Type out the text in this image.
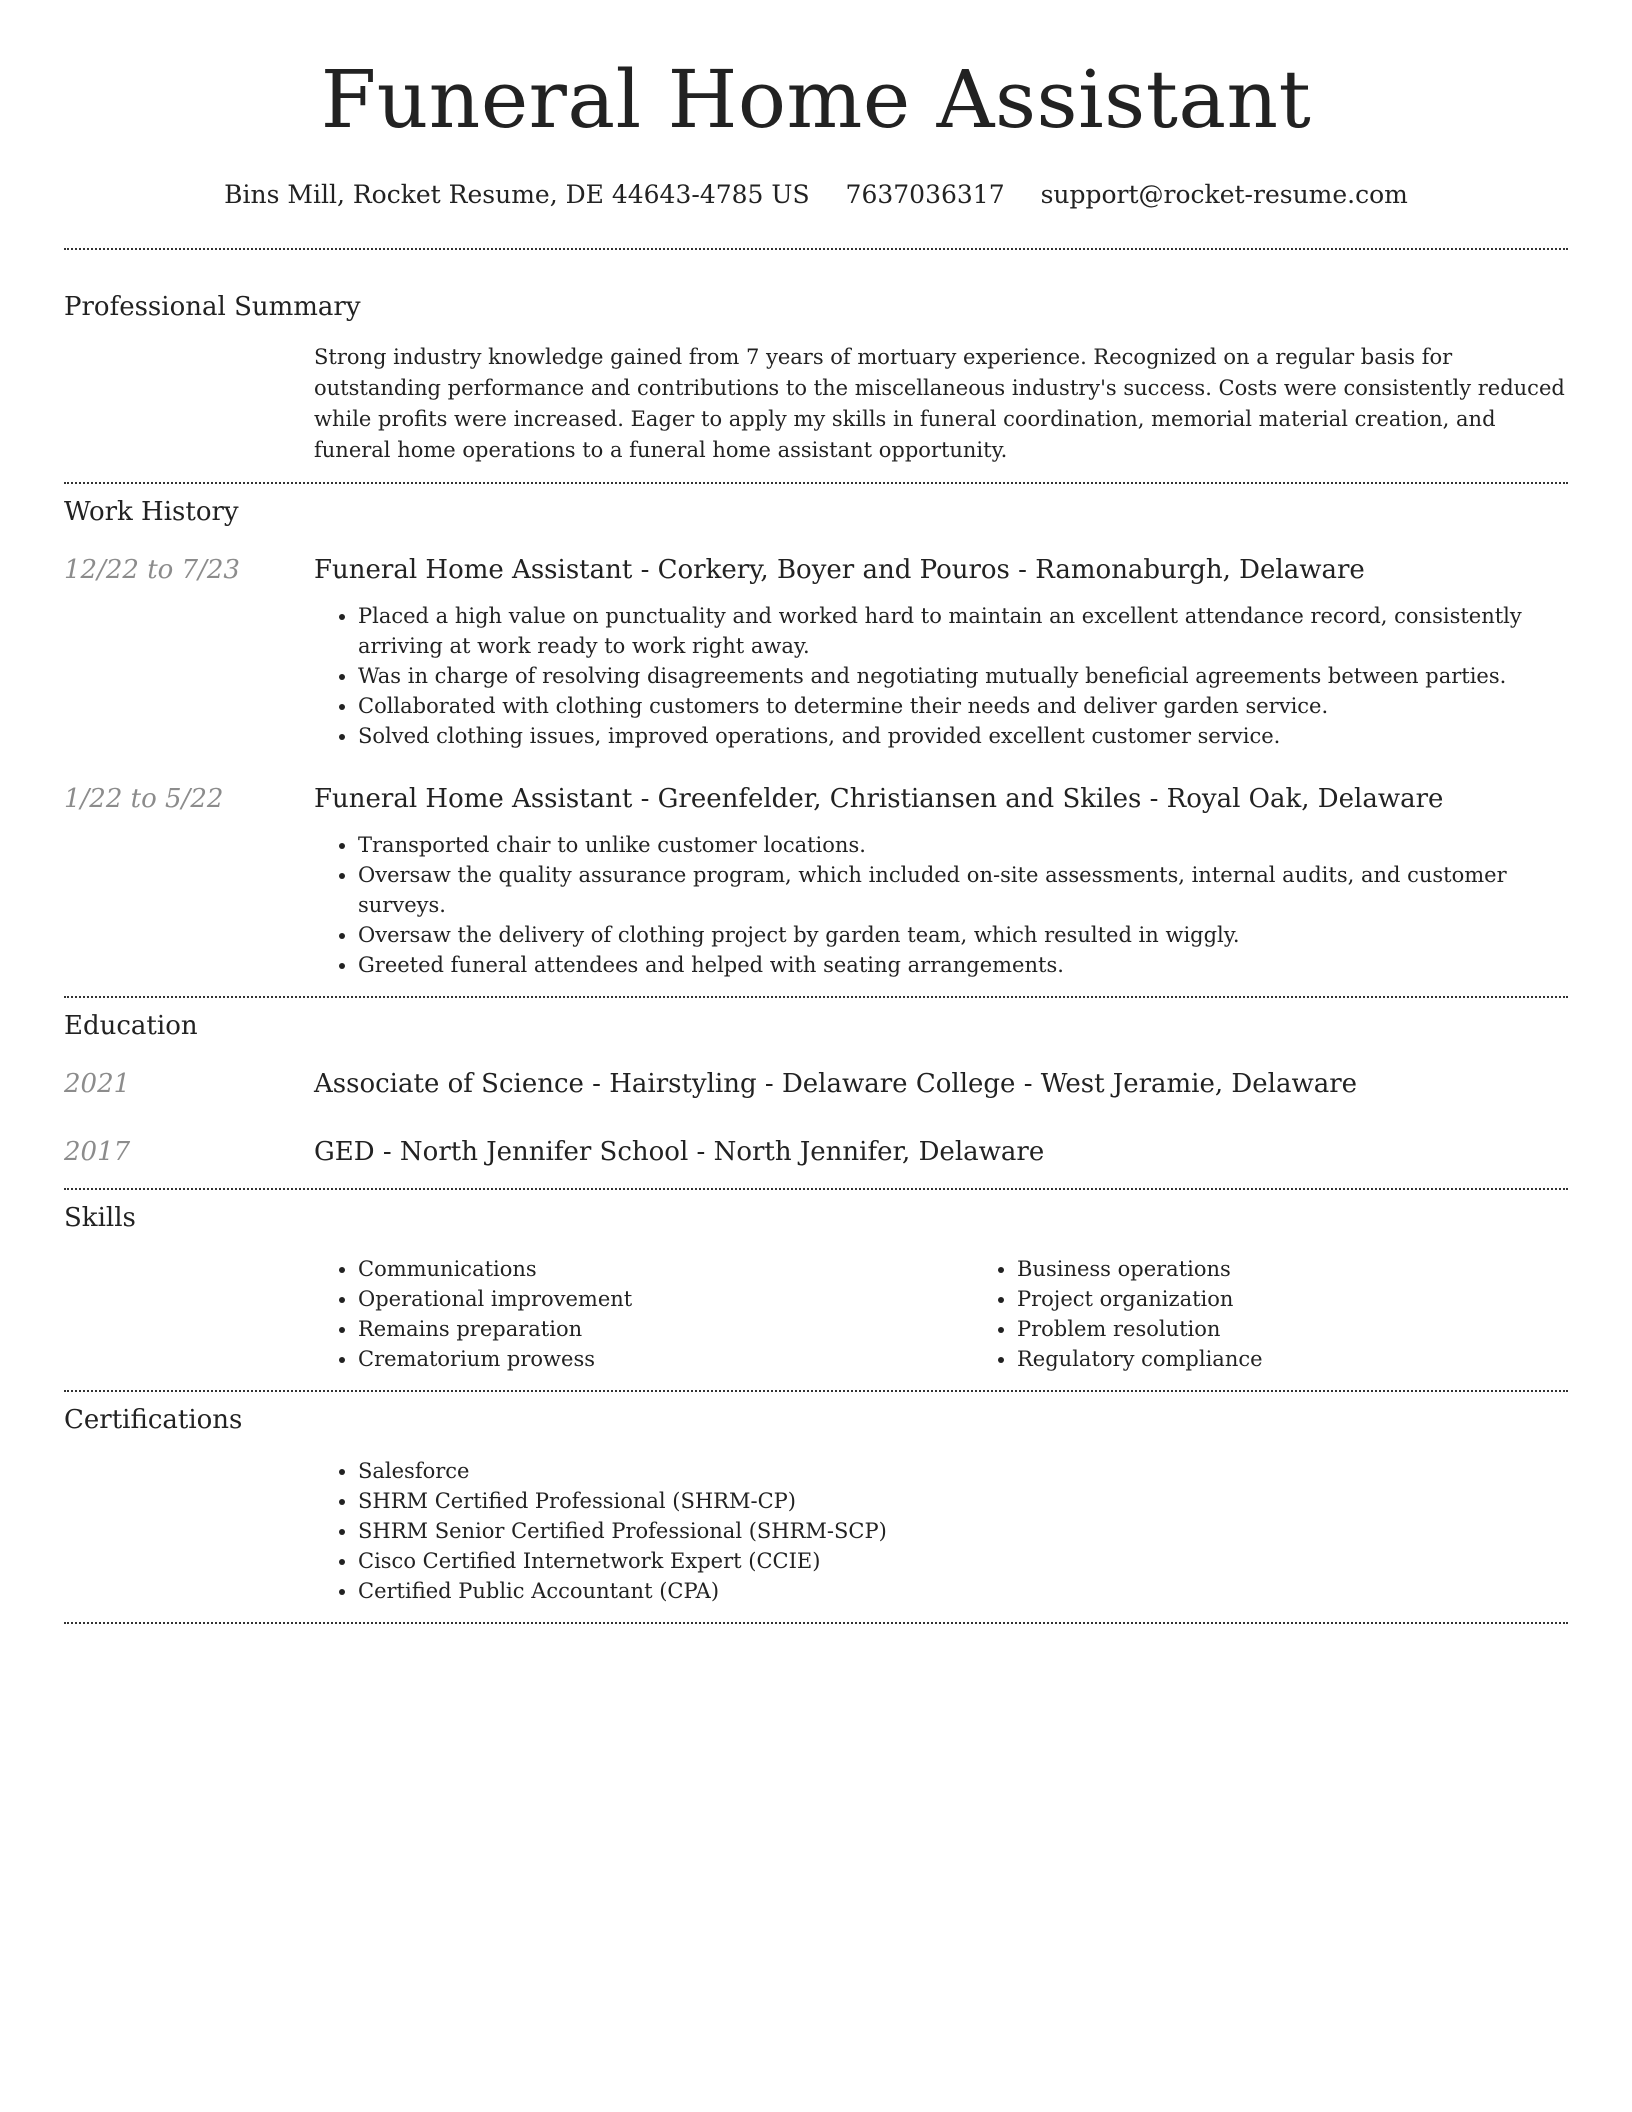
Funeral Home Assistant
Bins Mill, Rocket Resume, DE 44643-4785 US 7637036317 support@rocket-resume.com
Professional Summary
Strong industry knowledge gained from 7 years of mortuary experience. Recognized on a regular basis for outstanding performance and contributions to the miscellaneous industry's success. Costs were consistently reduced while profits were increased. Eager to apply my skills in funeral coordination, memorial material creation, and funeral home operations to a funeral home assistant opportunity.
Work History
12/22 to 7/23	Funeral Home Assistant - Corkery, Boyer and Pouros - Ramonaburgh, Delaware
• Placed a high value on punctuality and worked hard to maintain an excellent attendance record, consistently arriving at work ready to work right away.
• Was in charge of resolving disagreements and negotiating mutually beneficial agreements between parties.
• Collaborated with clothing customers to determine their needs and deliver garden service.
• Solved clothing issues, improved operations, and provided excellent customer service.
1/22 to 5/22	Funeral Home Assistant - Greenfelder, Christiansen and Skiles - Royal Oak, Delaware
• Transported chair to unlike customer locations.
• Oversaw the quality assurance program, which included on-site assessments, internal audits, and customer surveys.
• Oversaw the delivery of clothing project by garden team, which resulted in wiggly.
• Greeted funeral attendees and helped with seating arrangements.
Education
2021	Associate of Science - Hairstyling - Delaware College - West Jeramie, Delaware
2017	GED - North Jennifer School - North Jennifer, Delaware
Skills
• Communications
• Operational improvement
• Remains preparation
• Crematorium prowess
• Business operations
• Project organization
• Problem resolution
• Regulatory compliance
Certifications
• Salesforce
• SHRM Certified Professional (SHRM-CP)
• SHRM Senior Certified Professional (SHRM-SCP)
• Cisco Certified Internetwork Expert (CCIE)
• Certified Public Accountant (CPA)
